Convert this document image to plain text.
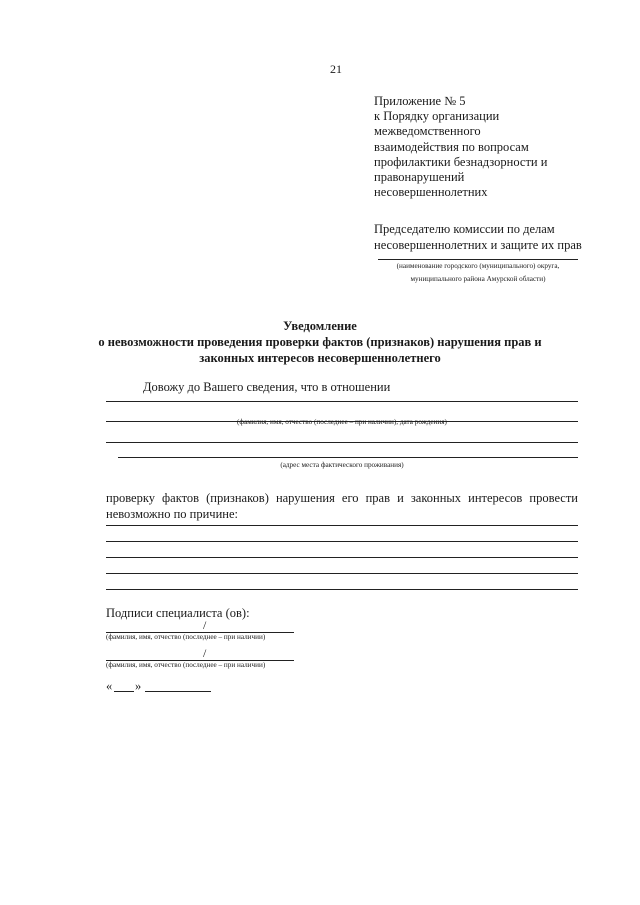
21
Приложение № 5
к Порядку организации
межведомственного
взаимодействия по вопросам
профилактики безнадзорности и
правонарушений
несовершеннолетних
Председателю комиссии по делам
несовершеннолетних и защите их прав
(наименование городского (муниципального) округа,
муниципального района Амурской области)
Уведомление
о невозможности проведения проверки фактов (признаков) нарушения прав и
законных интересов несовершеннолетнего
Довожу до Вашего сведения, что в отношении
(фамилия, имя, отчество (последнее – при наличии), дата рождения)
(адрес места фактического проживания)
проверку фактов (признаков) нарушения его прав и законных интересов провести
невозможно по причине:
Подписи специалиста (ов):
/
(фамилия, имя, отчество (последнее – при наличии)
/
(фамилия, имя, отчество (последнее – при наличии)
« »
